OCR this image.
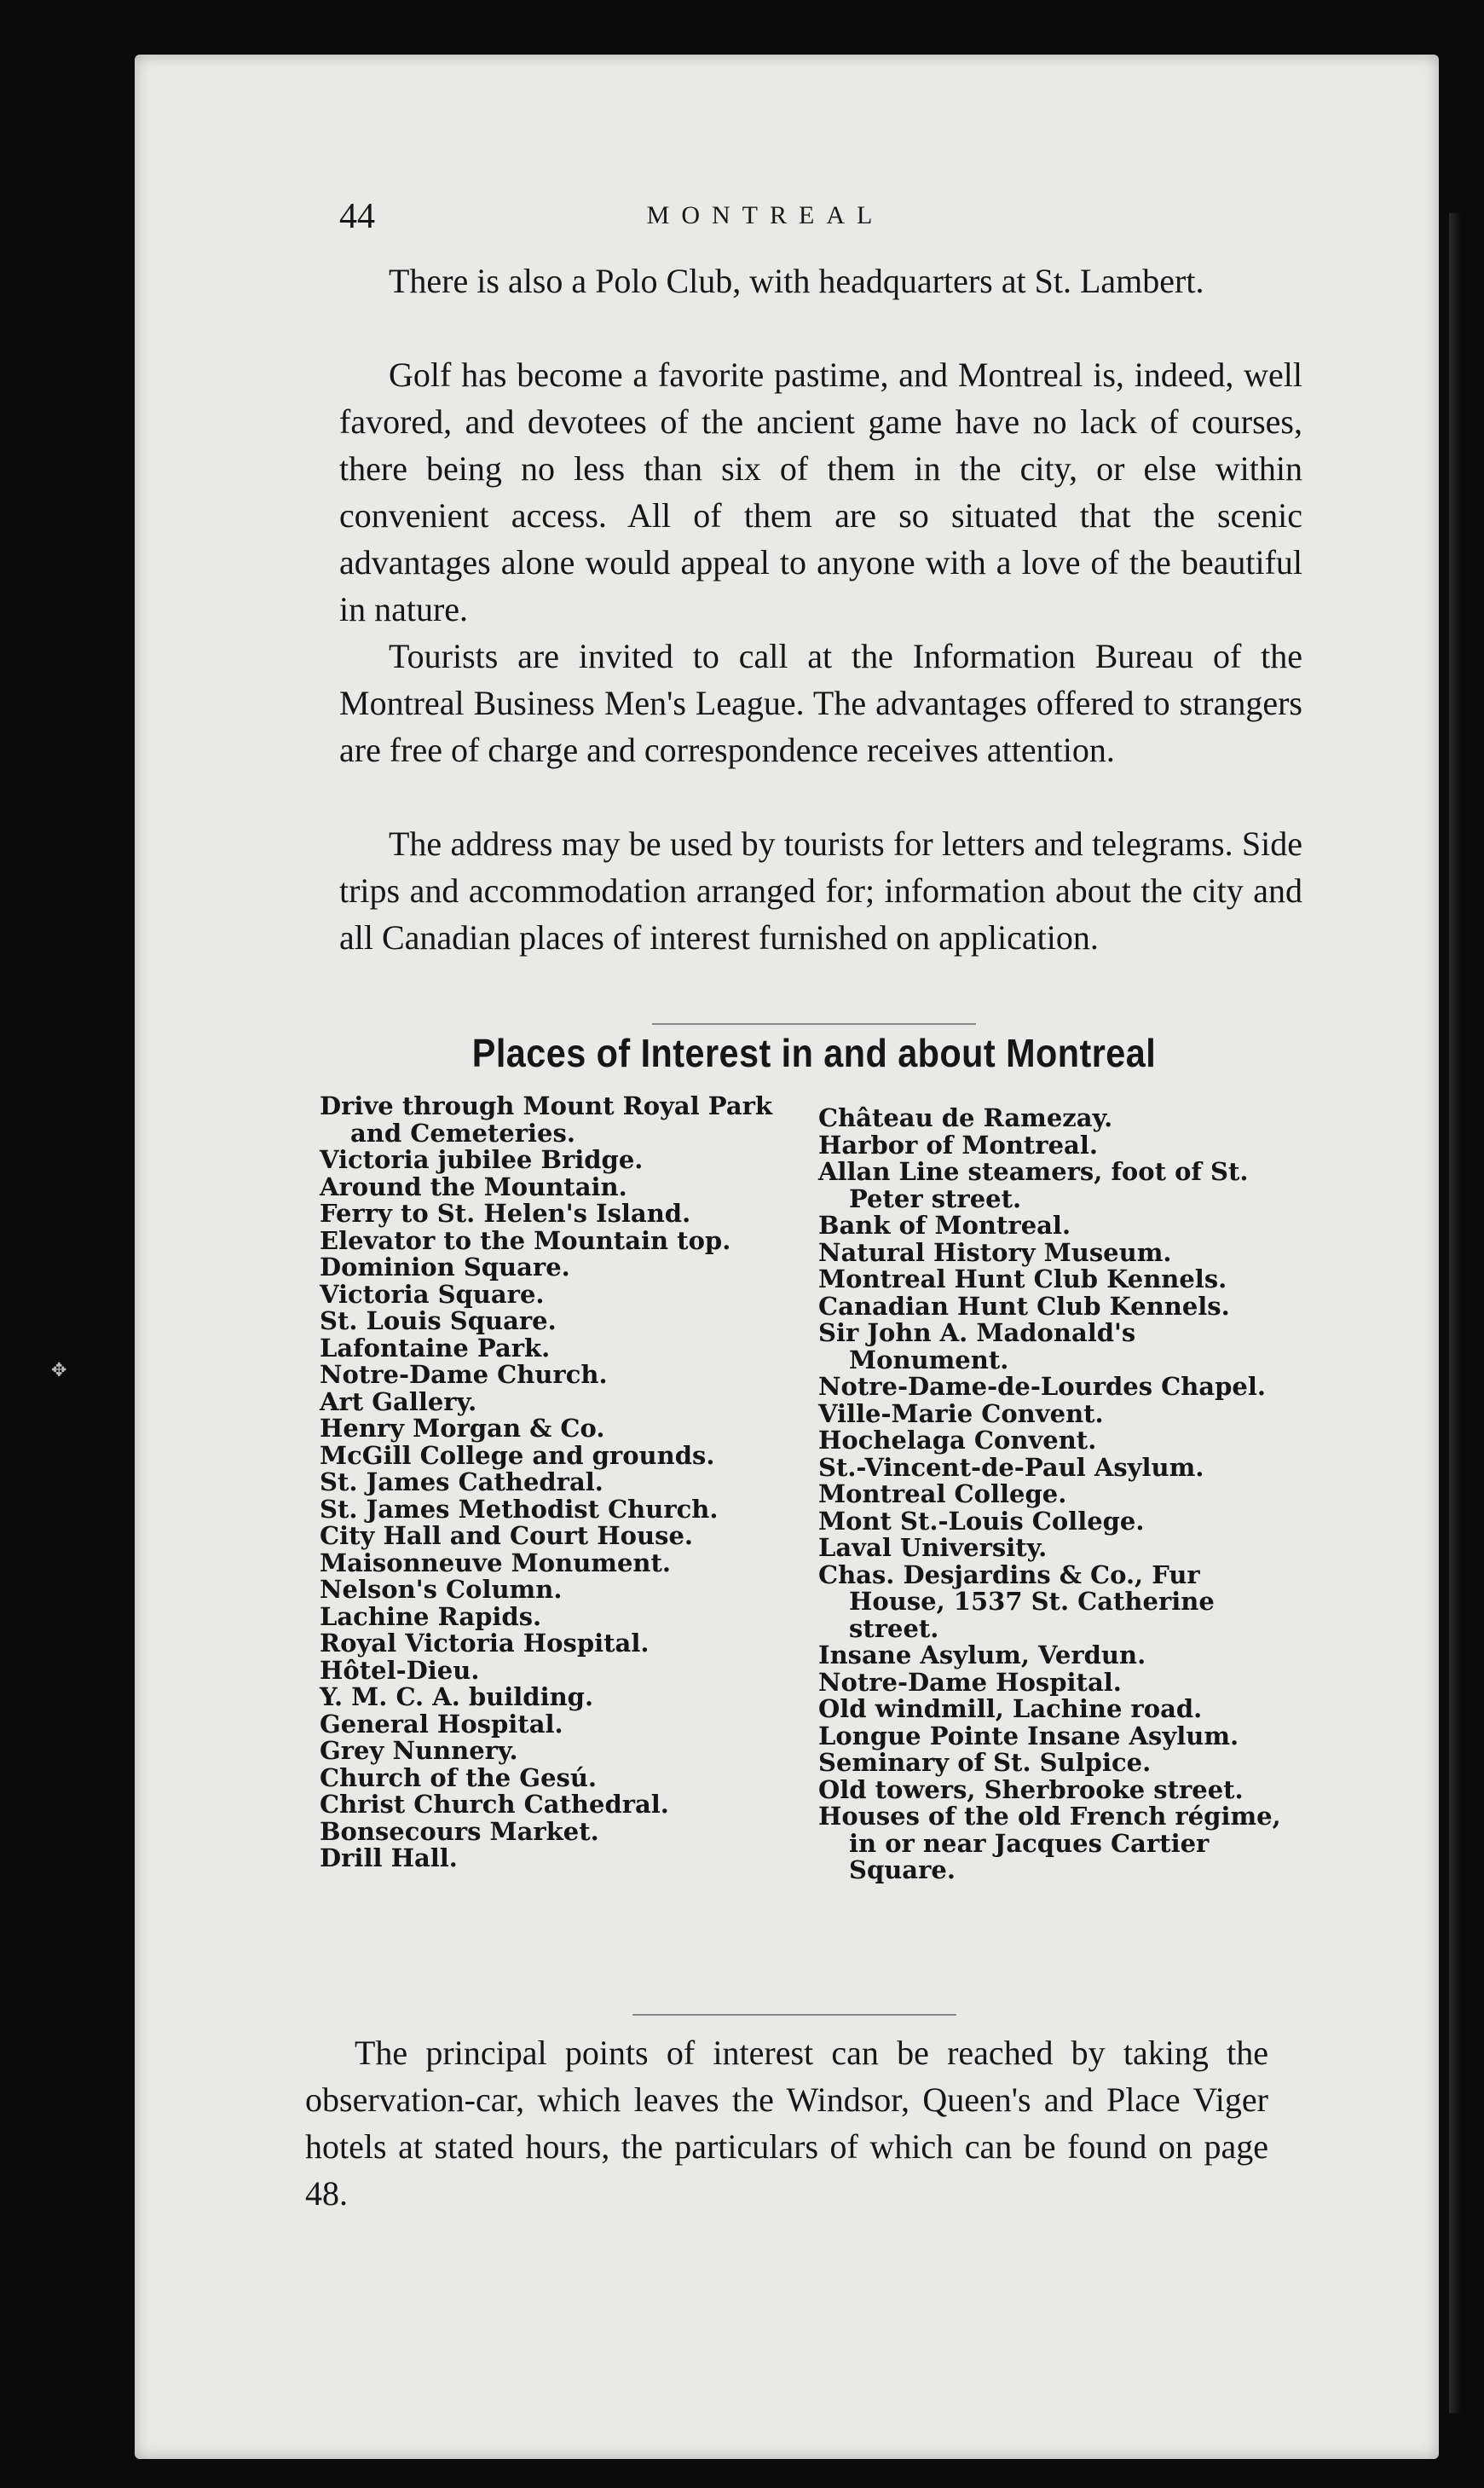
✥
44	MONTREAL

There is also a Polo Club, with headquarters at St. Lambert.

Golf has become a favorite pastime, and Montreal is, indeed, well favored, and devotees of the ancient game have no lack of courses, there being no less than six of them in the city, or else within convenient access. All of them are so situated that the scenic advantages alone would appeal to anyone with a love of the beautiful in nature.

Tourists are invited to call at the Information Bureau of the Montreal Business Men's League. The advantages offered to strangers are free of charge and correspondence receives attention.

The address may be used by tourists for letters and telegrams. Side trips and accommodation arranged for; information about the city and all Canadian places of interest furnished on application.

Places of Interest in and about Montreal
Drive through Mount Royal Park and Cemeteries.
Victoria jubilee Bridge.
Around the Mountain.
Ferry to St. Helen's Island.
Elevator to the Mountain top.
Dominion Square.
Victoria Square.
St. Louis Square.
Lafontaine Park.
Notre-Dame Church.
Art Gallery.
Henry Morgan & Co.
McGill College and grounds.
St. James Cathedral.
St. James Methodist Church.
City Hall and Court House.
Maisonneuve Monument.
Nelson's Column.
Lachine Rapids.
Royal Victoria Hospital.
Hôtel-Dieu.
Y. M. C. A. building.
General Hospital.
Grey Nunnery.
Church of the Gesú.
Christ Church Cathedral.
Bonsecours Market.
Drill Hall.
Château de Ramezay.
Harbor of Montreal.
Allan Line steamers, foot of St. Peter street.
Bank of Montreal.
Natural History Museum.
Montreal Hunt Club Kennels.
Canadian Hunt Club Kennels.
Sir John A. Madonald's Monument.
Notre-Dame-de-Lourdes Chapel.
Ville-Marie Convent.
Hochelaga Convent.
St.-Vincent-de-Paul Asylum.
Montreal College.
Mont St.-Louis College.
Laval University.
Chas. Desjardins & Co., Fur House, 1537 St. Catherine street.
Insane Asylum, Verdun.
Notre-Dame Hospital.
Old windmill, Lachine road.
Longue Pointe Insane Asylum.
Seminary of St. Sulpice.
Old towers, Sherbrooke street.
Houses of the old French régime, in or near Jacques Cartier Square.

The principal points of interest can be reached by taking the observation-car, which leaves the Windsor, Queen's and Place Viger hotels at stated hours, the particulars of which can be found on page 48.
